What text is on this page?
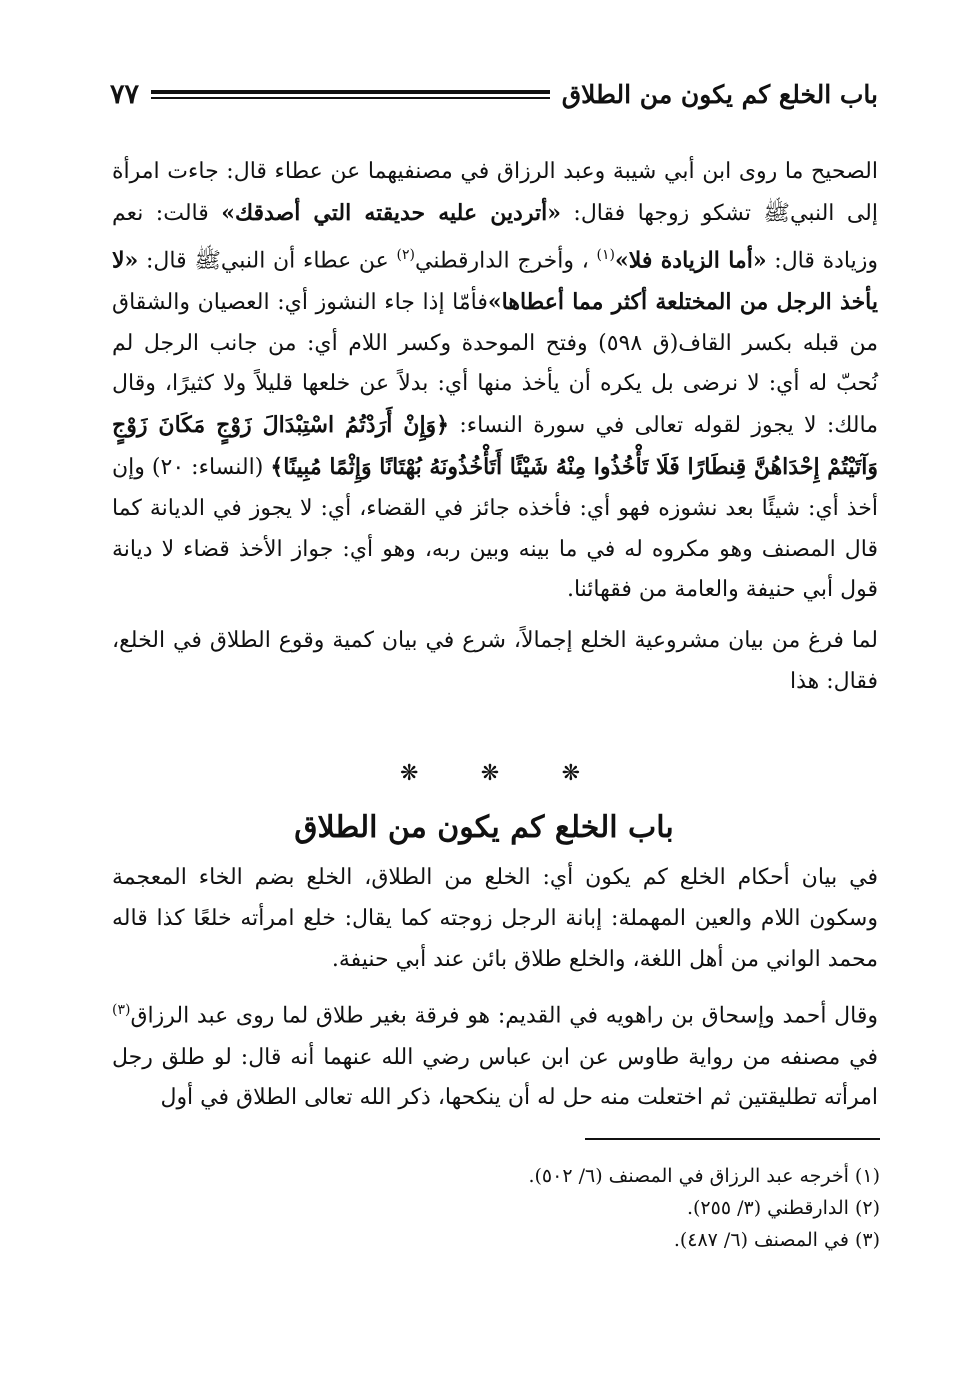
٧٧	باب الخلع كم يكون من الطلاق

الصحيح ما روى ابن أبي شيبة وعبد الرزاق في مصنفيهما عن عطاء قال: جاءت امرأة إلى النبيﷺ تشكو زوجها فقال: «أتردين عليه حديقته التي أصدقك» قالت: نعم وزيادة قال: «أما الزيادة فلا»$^{(١)}$ ، وأخرج الدارقطني$^{(٢)}$ عن عطاء أن النبيﷺ قال: «لا يأخذ الرجل من المختلعة أكثر مما أعطاها»فأمّا إذا جاء النشوز أي: العصيان والشقاق من قبله بكسر القاف(ق ٥٩٨) وفتح الموحدة وكسر اللام أي: من جانب الرجل لم نُحبّ له أي: لا نرضى بل يكره أن يأخذ منها أي: بدلاً عن خلعها قليلاً ولا كثيرًا، وقال مالك: لا يجوز لقوله تعالى في سورة النساء: ﴿وَإِنْ أَرَدْتُمُ اسْتِبْدَالَ زَوْجٍ مَكَانَ زَوْجٍ وَآتَيْتُمْ إِحْدَاهُنَّ قِنطَارًا فَلَا تَأْخُذُوا مِنْهُ شَيْئًا أَتَأْخُذُونَهُ بُهْتَانًا وَإِثْمًا مُبِينًا﴾ (النساء: ٢٠) وإن أخذ أي: شيئًا بعد نشوزه فهو أي: فأخذه جائز في القضاء، أي: لا يجوز في الديانة كما قال المصنف وهو مكروه له في ما بينه وبين ربه، وهو أي: جواز الأخذ قضاء لا ديانة قول أبي حنيفة والعامة من فقهائنا.

لما فرغ من بيان مشروعية الخلع إجمالاً، شرع في بيان كمية وقوع الطلاق في الخلع، فقال: هذا

❋	❋	❋
باب الخلع كم يكون من الطلاق

في بيان أحكام الخلع كم يكون أي: الخلع من الطلاق، الخلع بضم الخاء المعجمة وسكون اللام والعين المهملة: إبانة الرجل زوجته كما يقال: خلع امرأته خلعًا كذا قاله محمد الواني من أهل اللغة، والخلع طلاق بائن عند أبي حنيفة.

وقال أحمد وإسحاق بن راهويه في القديم: هو فرقة بغير طلاق لما روى عبد الرزاق$^{(٣)}$ في مصنفه من رواية طاوس عن ابن عباس رضي الله عنهما أنه قال: لو طلق رجل امرأته تطليقتين ثم اختعلت منه حل له أن ينكحها، ذكر الله تعالى الطلاق في أول

(١) أخرجه عبد الرزاق في المصنف (٦/ ٥٠٢).
(٢) الدارقطني (٣/ ٢٥٥).
(٣) في المصنف (٦/ ٤٨٧).
